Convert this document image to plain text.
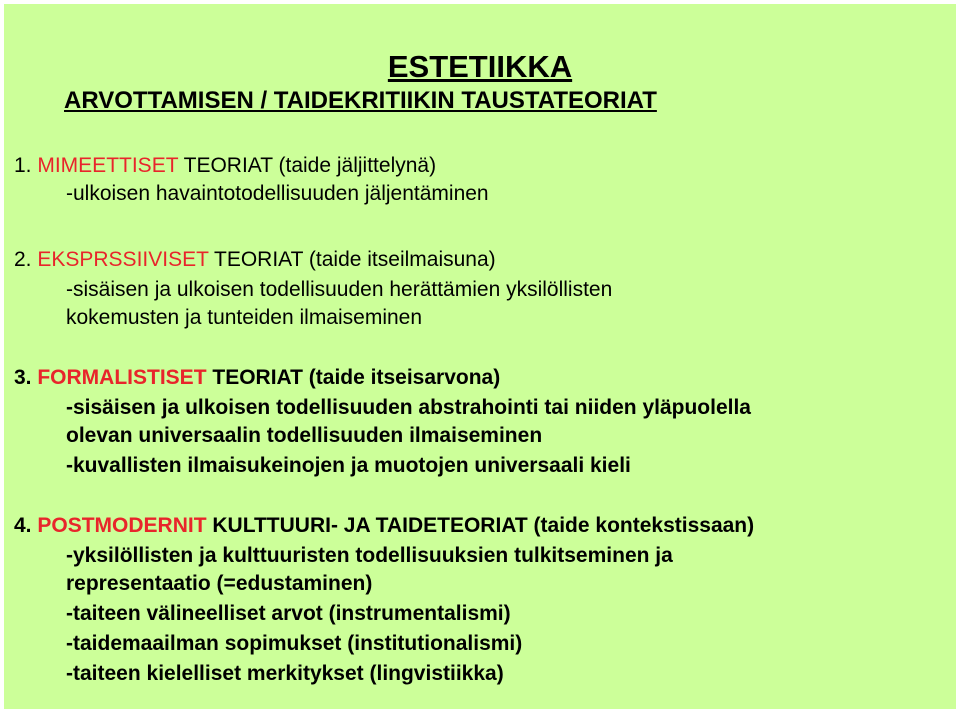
ESTETIIKKA
ARVOTTAMISEN / TAIDEKRITIIKIN TAUSTATEORIAT
1. MIMEETTISET TEORIAT (taide jäljittelynä)
-ulkoisen havaintotodellisuuden jäljentäminen
2. EKSPRSSIIVISET TEORIAT (taide itseilmaisuna)
-sisäisen ja ulkoisen todellisuuden herättämien yksilöllisten
kokemusten ja tunteiden ilmaiseminen
3. FORMALISTISET TEORIAT (taide itseisarvona)
-sisäisen ja ulkoisen todellisuuden abstrahointi tai niiden yläpuolella
olevan universaalin todellisuuden ilmaiseminen
-kuvallisten ilmaisukeinojen ja muotojen universaali kieli
4. POSTMODERNIT KULTTUURI- JA TAIDETEORIAT (taide kontekstissaan)
-yksilöllisten ja kulttuuristen todellisuuksien tulkitseminen ja
representaatio (=edustaminen)
-taiteen välineelliset arvot (instrumentalismi)
-taidemaailman sopimukset (institutionalismi)
-taiteen kielelliset merkitykset (lingvistiikka)
